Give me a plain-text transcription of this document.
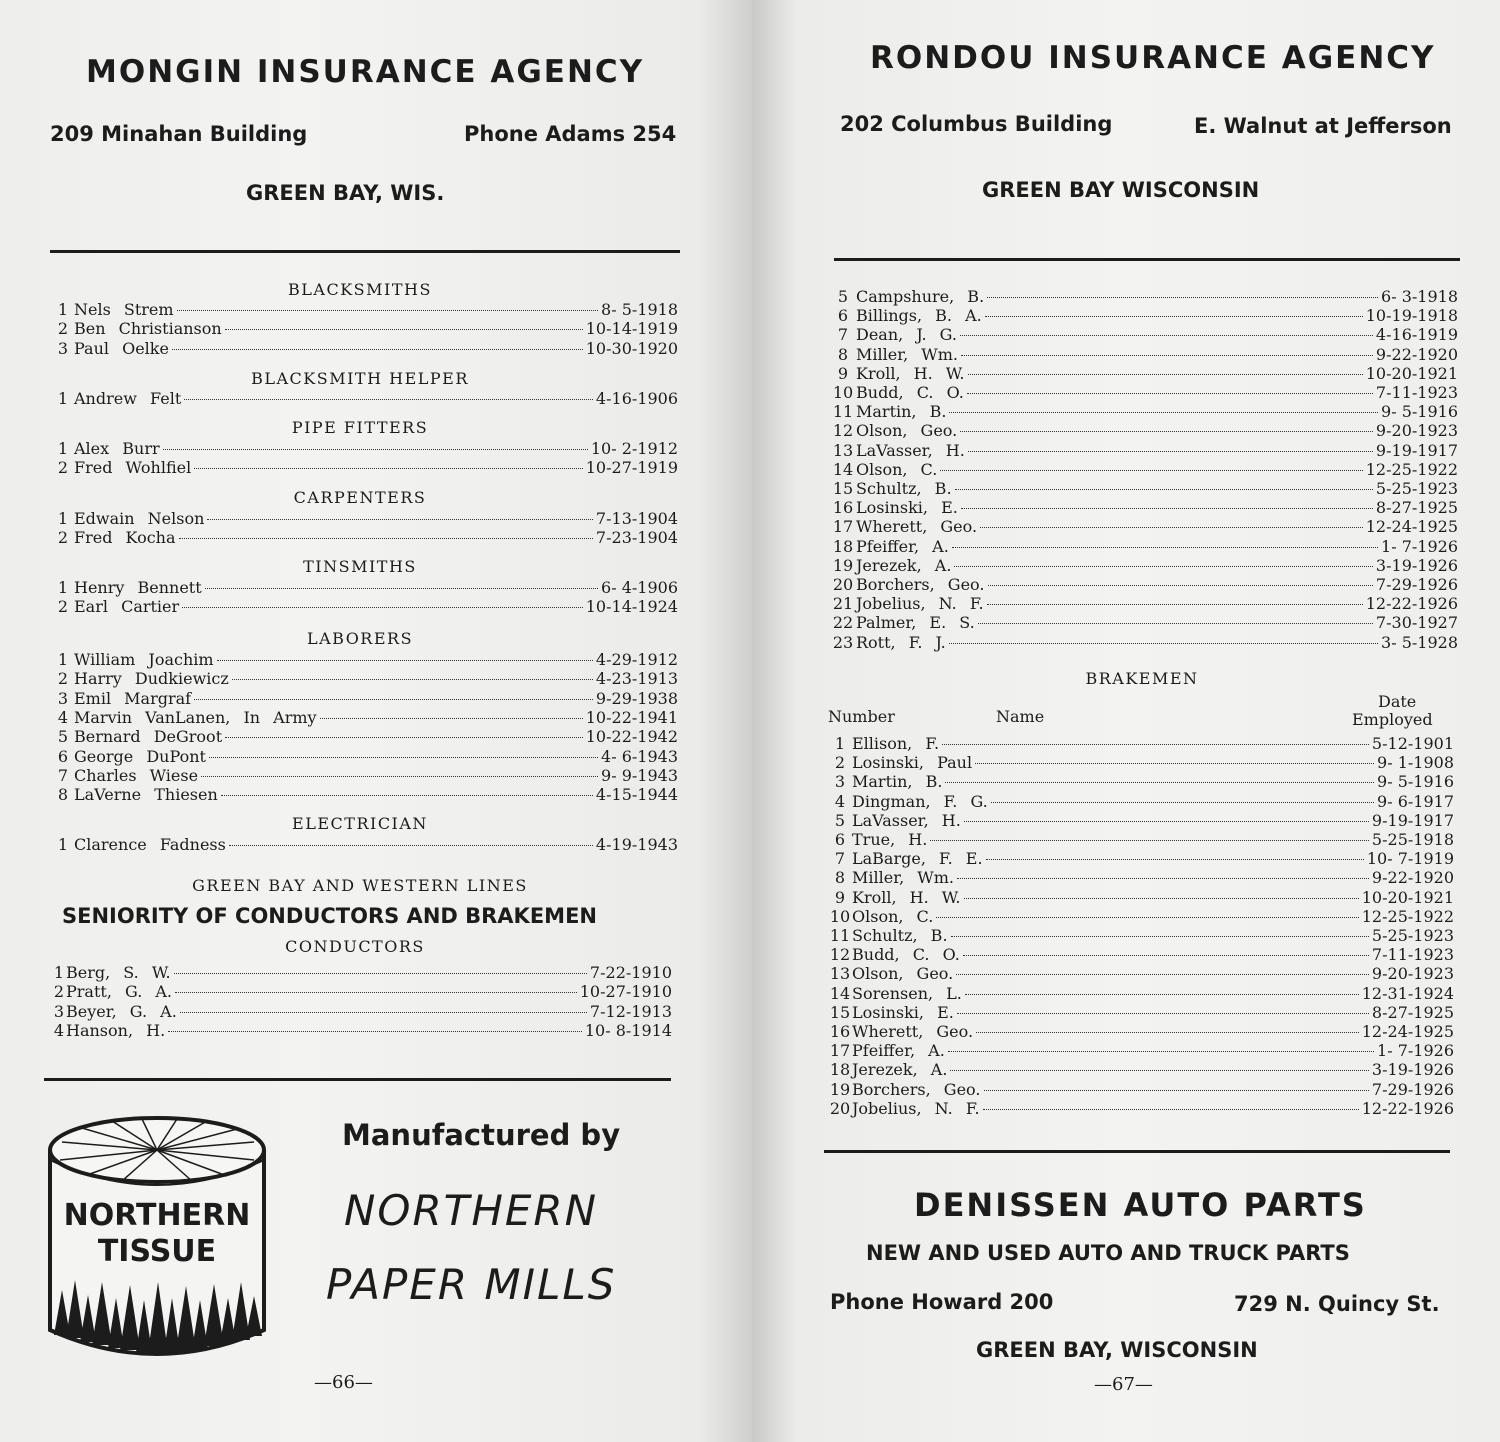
MONGIN INSURANCE AGENCY
209 Minahan Building	Phone Adams 254
GREEN BAY, WIS.
BLACKSMITHS
1 Nels Strem	8- 5-1918
2 Ben Christianson	10-14-1919
3 Paul Oelke	10-30-1920
BLACKSMITH HELPER
1 Andrew Felt	4-16-1906
PIPE FITTERS
1 Alex Burr	10- 2-1912
2 Fred Wohlfiel	10-27-1919
CARPENTERS
1 Edwain Nelson	7-13-1904
2 Fred Kocha	7-23-1904
TINSMITHS
1 Henry Bennett	6- 4-1906
2 Earl Cartier	10-14-1924
LABORERS
1 William Joachim	4-29-1912
2 Harry Dudkiewicz	4-23-1913
3 Emil Margraf	9-29-1938
4 Marvin VanLanen, In Army	10-22-1941
5 Bernard DeGroot	10-22-1942
6 George DuPont	4- 6-1943
7 Charles Wiese	9- 9-1943
8 LaVerne Thiesen	4-15-1944
ELECTRICIAN
1 Clarence Fadness	4-19-1943
GREEN BAY AND WESTERN LINES
SENIORITY OF CONDUCTORS AND BRAKEMEN
CONDUCTORS
1 Berg, S. W.	7-22-1910
2 Pratt, G. A.	10-27-1910
3 Beyer, G. A.	7-12-1913
4 Hanson, H.	10- 8-1914
NORTHERN
TISSUE
Manufactured by
NORTHERN
PAPER MILLS
—66—
RONDOU INSURANCE AGENCY
202 Columbus Building	E. Walnut at Jefferson
GREEN BAY WISCONSIN
5 Campshure, B.	6- 3-1918
6 Billings, B. A.	10-19-1918
7 Dean, J. G.	4-16-1919
8 Miller, Wm.	9-22-1920
9 Kroll, H. W.	10-20-1921
10 Budd, C. O.	7-11-1923
11 Martin, B.	9- 5-1916
12 Olson, Geo.	9-20-1923
13 LaVasser, H.	9-19-1917
14 Olson, C.	12-25-1922
15 Schultz, B.	5-25-1923
16 Losinski, E.	8-27-1925
17 Wherett, Geo.	12-24-1925
18 Pfeiffer, A.	1- 7-1926
19 Jerezek, A.	3-19-1926
20 Borchers, Geo.	7-29-1926
21 Jobelius, N. F.	12-22-1926
22 Palmer, E. S.	7-30-1927
23 Rott, F. J.	3- 5-1928
BRAKEMEN
Number	Name
Date
Employed
1 Ellison, F.	5-12-1901
2 Losinski, Paul	9- 1-1908
3 Martin, B.	9- 5-1916
4 Dingman, F. G.	9- 6-1917
5 LaVasser, H.	9-19-1917
6 True, H.	5-25-1918
7 LaBarge, F. E.	10- 7-1919
8 Miller, Wm.	9-22-1920
9 Kroll, H. W.	10-20-1921
10 Olson, C.	12-25-1922
11 Schultz, B.	5-25-1923
12 Budd, C. O.	7-11-1923
13 Olson, Geo.	9-20-1923
14 Sorensen, L.	12-31-1924
15 Losinski, E.	8-27-1925
16 Wherett, Geo.	12-24-1925
17 Pfeiffer, A.	1- 7-1926
18 Jerezek, A.	3-19-1926
19 Borchers, Geo.	7-29-1926
20 Jobelius, N. F.	12-22-1926
DENISSEN AUTO PARTS
NEW AND USED AUTO AND TRUCK PARTS
Phone Howard 200	729 N. Quincy St.
GREEN BAY, WISCONSIN
—67—
